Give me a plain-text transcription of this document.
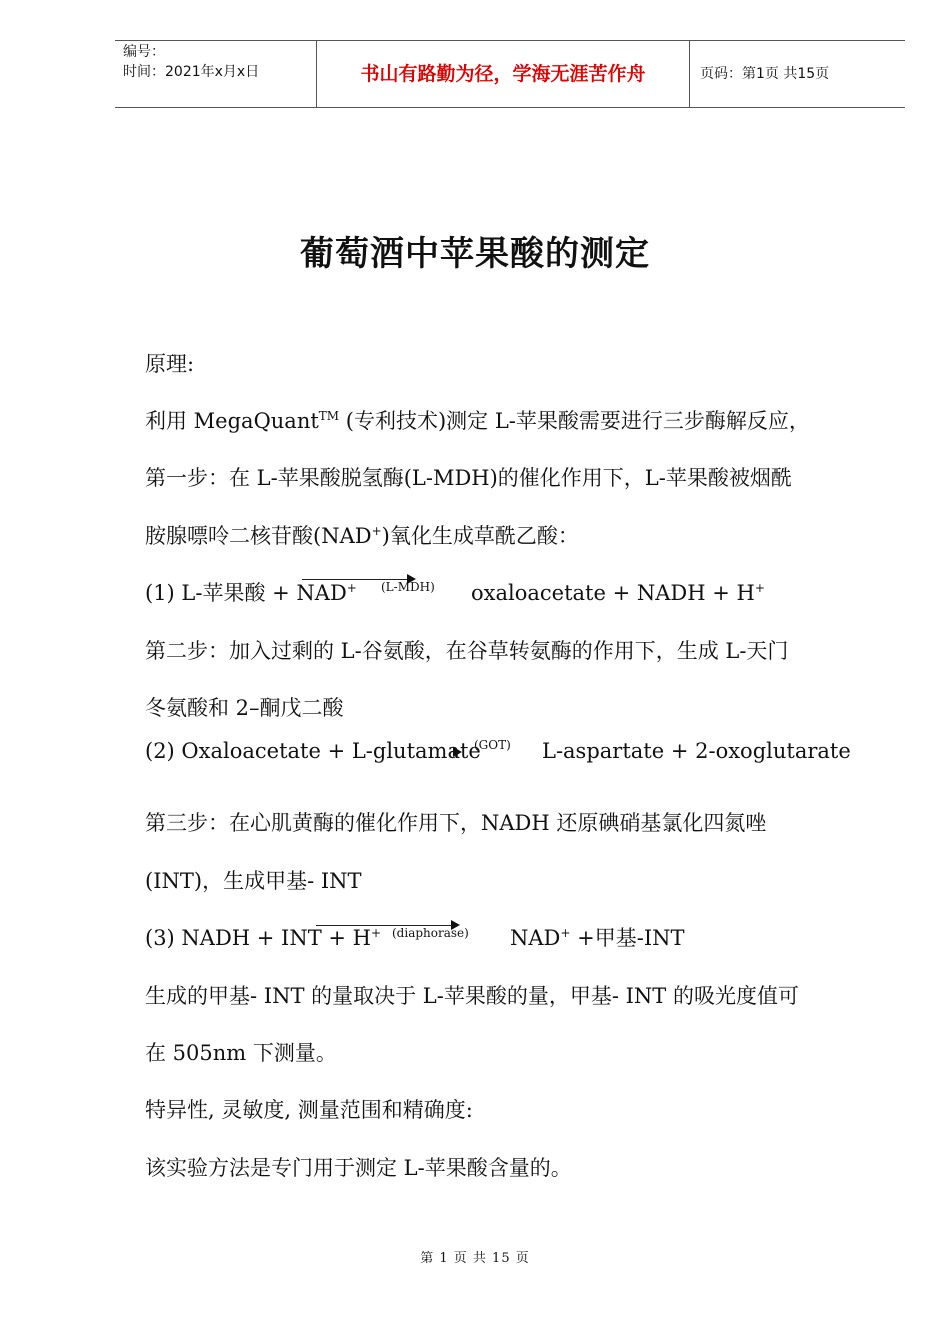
编号：
时间：2021年x月x日	书山有路勤为径，学海无涯苦作舟	页码：第1页 共15页
葡萄酒中苹果酸的测定
原理:
利用 MegaQuant™ (专利技术)测定 L-苹果酸需要进行三步酶解反应，
第一步：在 L-苹果酸脱氢酶(L-MDH)的催化作用下，L-苹果酸被烟酰
胺腺嘌呤二核苷酸(NAD+)氧化生成草酰乙酸：
(1) L-苹果酸 + NAD+ (L-MDH) oxaloacetate + NADH + H+
第二步：加入过剩的 L-谷氨酸，在谷草转氨酶的作用下，生成 L-天门
冬氨酸和 2–酮戊二酸
(2) Oxaloacetate + L-glutamate
(GOT) L-aspartate + 2-oxoglutarate
第三步：在心肌黄酶的催化作用下，NADH 还原碘硝基氯化四氮唑
(INT)，生成甲基- INT
(3) NADH + INT + H+ (diaphorase) NAD+ +甲基-INT
生成的甲基- INT 的量取决于 L-苹果酸的量，甲基- INT 的吸光度值可
在 505nm 下测量。
特异性, 灵敏度, 测量范围和精确度:
该实验方法是专门用于测定 L-苹果酸含量的。
第 1 页 共 15 页
